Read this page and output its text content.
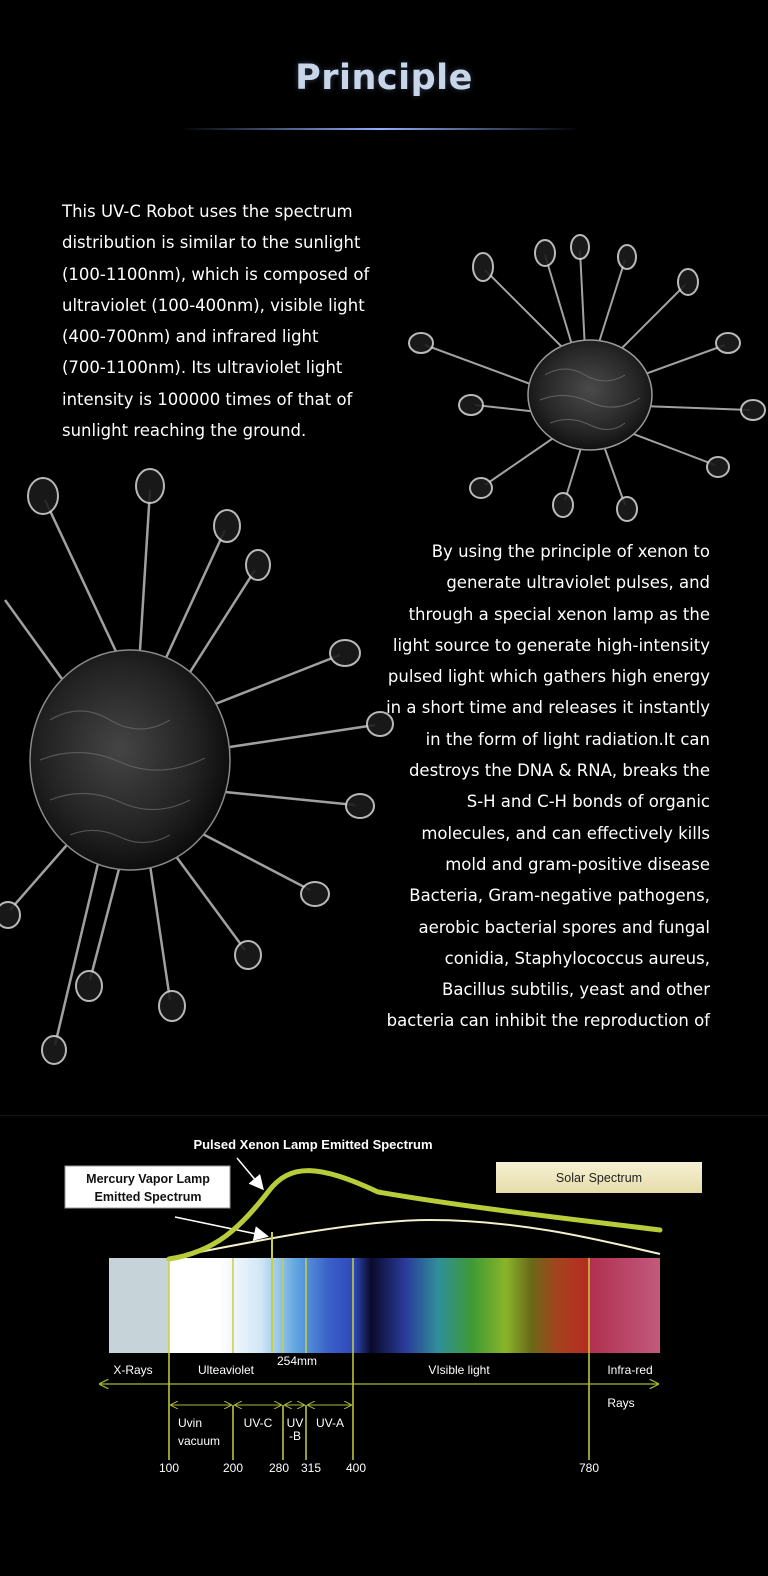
Principle
This UV-C Robot uses the spectrum
distribution is similar to the sunlight
(100-1100nm), which is composed of
ultraviolet (100-400nm), visible light
(400-700nm) and infrared light
(700-1100nm). Its ultraviolet light
intensity is 100000 times of that of
sunlight reaching the ground.
By using the principle of xenon to
generate ultraviolet pulses, and
through a special xenon lamp as the
light source to generate high-intensity
pulsed light which gathers high energy
in a short time and releases it instantly
in the form of light radiation.It can
destroys the DNA & RNA, breaks the
S-H and C-H bonds of organic
molecules, and can effectively kills
mold and gram-positive disease
Bacteria, Gram-negative pathogens,
aerobic bacterial spores and fungal
conidia, Staphylococcus aureus,
Bacillus subtilis, yeast and other
bacteria can inhibit the reproduction of
Pulsed Xenon Lamp Emitted Spectrum
Mercury Vapor Lamp
Emitted Spectrum
Solar Spectrum
254mm
X-Rays	Ulteaviolet	VIsible light	Infra-red
Rays
Uvin
vacuum
UV-C UV
-B
UV-A
100	200 280 315 400	780
